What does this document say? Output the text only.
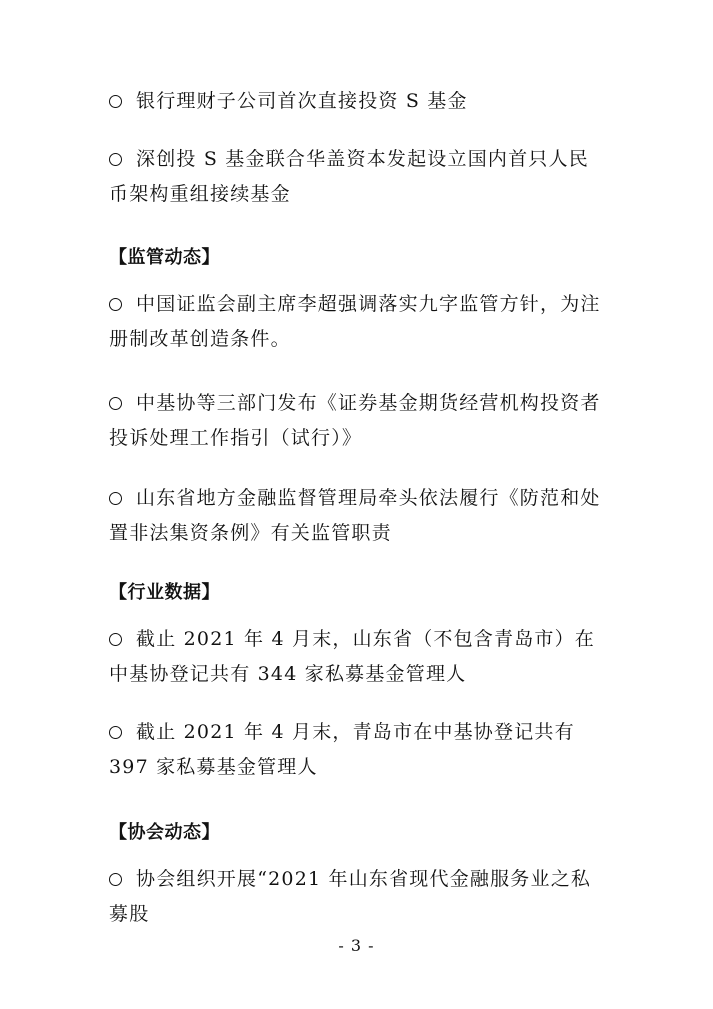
银行理财子公司首次直接投资 S 基金

深创投 S 基金联合华盖资本发起设立国内首只人民币架构重组接续基金

【监管动态】

中国证监会副主席李超强调落实九字监管方针，为注册制改革创造条件。

中基协等三部门发布《证券基金期货经营机构投资者投诉处理工作指引（试行）》

山东省地方金融监督管理局牵头依法履行《防范和处置非法集资条例》有关监管职责

【行业数据】

截止 2021 年 4 月末，山东省（不包含青岛市）在中基协登记共有 344 家私募基金管理人

截止 2021 年 4 月末，青岛市在中基协登记共有 397 家私募基金管理人

【协会动态】

协会组织开展“2021 年山东省现代金融服务业之私募股

- 3 -
